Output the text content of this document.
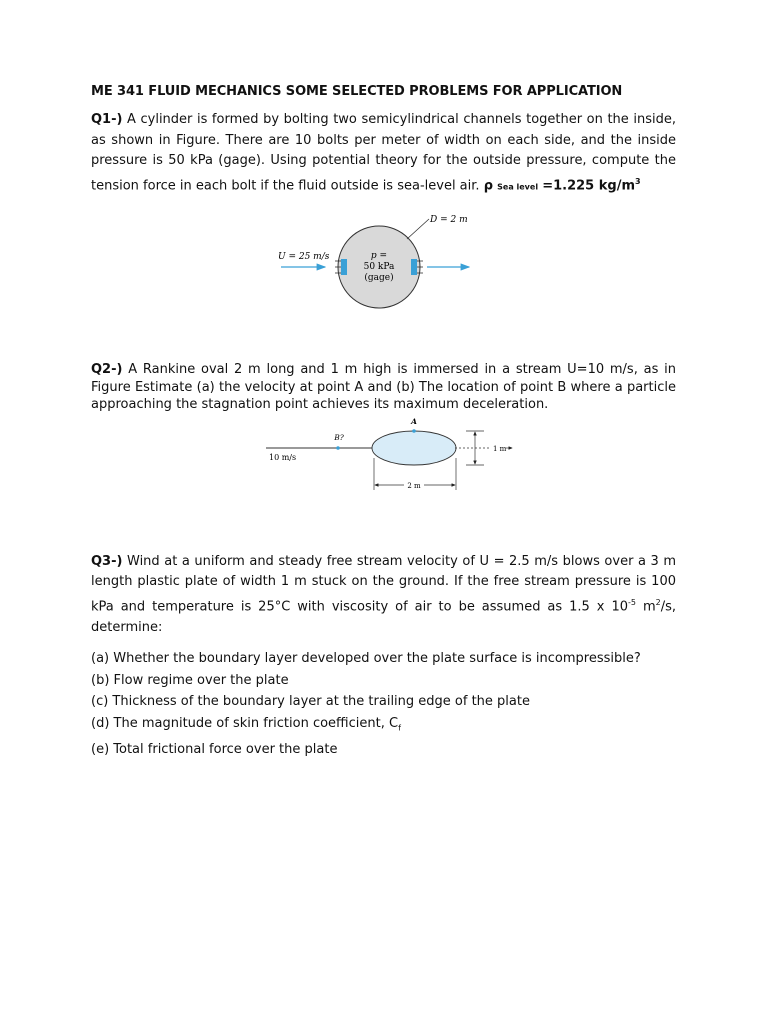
ME 341 FLUID MECHANICS SOME SELECTED PROBLEMS FOR APPLICATION

Q1-) A cylinder is formed by bolting two semicylindrical channels together on the inside, as shown in Figure. There are 10 bolts per meter of width on each side, and the inside pressure is 50 kPa (gage). Using potential theory for the outside pressure, compute the tension force in each bolt if the fluid outside is sea-level air. ρ Sea level =1.225 $kg/m^3$

D = 2 m
U = 25 m/s	p =
50 kPa
(gage)

Q2-) A Rankine oval 2 m long and 1 m high is immersed in a stream U=10 m/s, as in Figure Estimate (a) the velocity at point A and (b) The location of point B where a particle approaching the stagnation point achieves its maximum deceleration.

10 m/s
A
B?
1 m
2 m

Q3-) Wind at a uniform and steady free stream velocity of U = 2.5 m/s blows over a 3 m length plastic plate of width 1 m stuck on the ground. If the free stream pressure is 100 kPa and temperature is 25°C with viscosity of air to be assumed as 1.5 x $10^{-5}$ $m^2/s$, determine:

(a) Whether the boundary layer developed over the plate surface is incompressible?
(b) Flow regime over the plate
(c) Thickness of the boundary layer at the trailing edge of the plate
(d) The magnitude of skin friction coefficient, $C_f$
(e) Total frictional force over the plate
